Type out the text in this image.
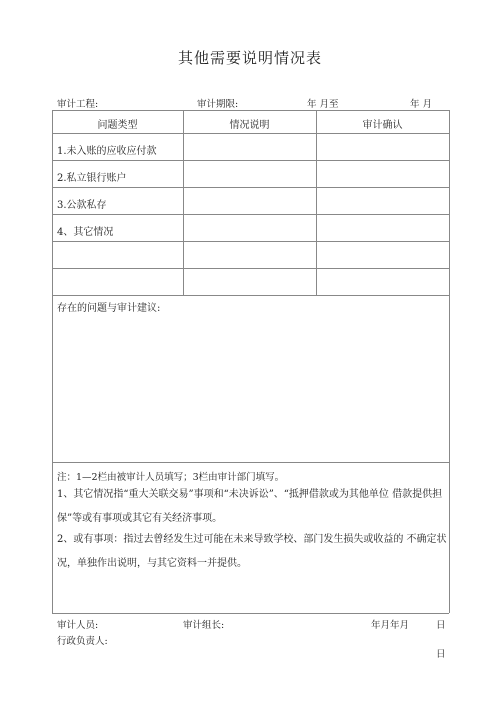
其他需要说明情况表
审计工程:	审计期限:	年 月至	年 月
问题类型	情况说明	审计确认
1.未入账的应收应付款
2.私立银行账户
3.公款私存
4、其它情况
存在的问题与审计建议:
注：1—2栏由被审计人员填写；3栏由审计部门填写。
1、其它情况指“重大关联交易”事项和“未决诉讼”、“抵押借款或为其他单位 借款提供担保”等或有事项或其它有关经济事项。
2、或有事项：指过去曾经发生过可能在未来导致学校、部门发生损失或收益的 不确定状况，单独作出说明，与其它资料一并提供。
审计人员:	审计组长:	年月年月	日
行政负责人:
日
